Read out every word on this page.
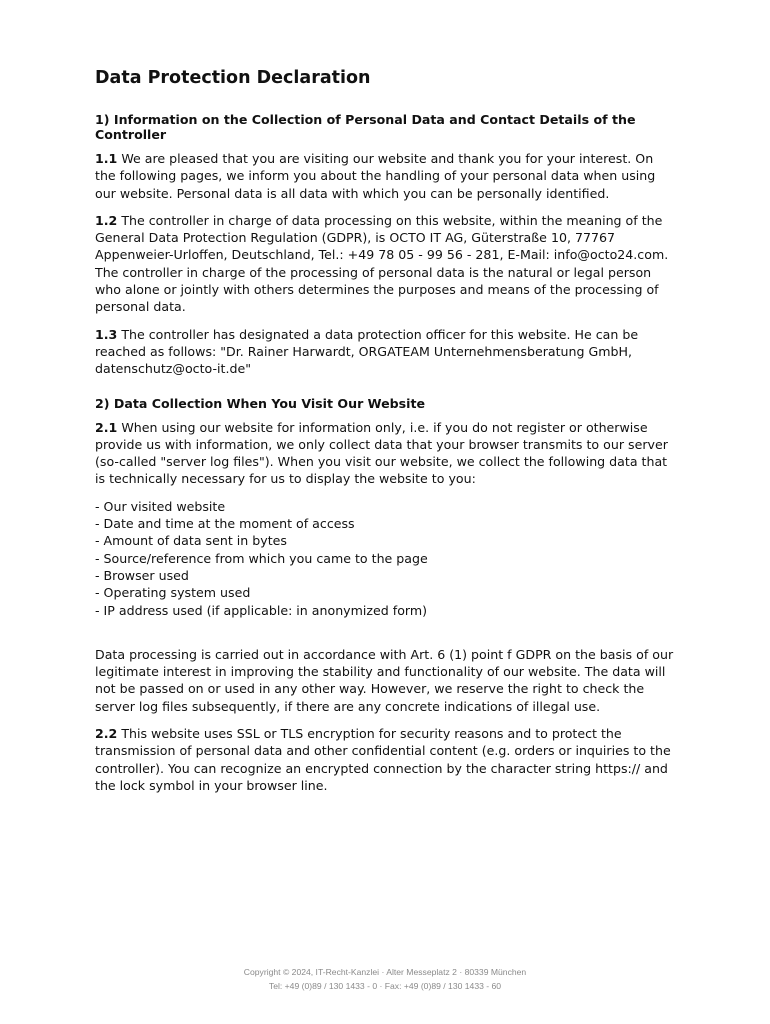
Data Protection Declaration
1) Information on the Collection of Personal Data and Contact Details of the Controller

1.1 We are pleased that you are visiting our website and thank you for your interest. On the following pages, we inform you about the handling of your personal data when using our website. Personal data is all data with which you can be personally identified.

1.2 The controller in charge of data processing on this website, within the meaning of the General Data Protection Regulation (GDPR), is OCTO IT AG, Güterstraße 10, 77767 Appenweier-Urloffen, Deutschland, Tel.: +49 78 05 - 99 56 - 281, E-Mail: info@octo24.com. The controller in charge of the processing of personal data is the natural or legal person who alone or jointly with others determines the purposes and means of the processing of personal data.

1.3 The controller has designated a data protection officer for this website. He can be reached as follows: "Dr. Rainer Harwardt, ORGATEAM Unternehmensberatung GmbH, datenschutz@octo-it.de"

2) Data Collection When You Visit Our Website

2.1 When using our website for information only, i.e. if you do not register or otherwise provide us with information, we only collect data that your browser transmits to our server (so-called "server log files"). When you visit our website, we collect the following data that is technically necessary for us to display the website to you:

- Our visited website
- Date and time at the moment of access
- Amount of data sent in bytes
- Source/reference from which you came to the page
- Browser used
- Operating system used
- IP address used (if applicable: in anonymized form)

Data processing is carried out in accordance with Art. 6 (1) point f GDPR on the basis of our legitimate interest in improving the stability and functionality of our website. The data will not be passed on or used in any other way. However, we reserve the right to check the server log files subsequently, if there are any concrete indications of illegal use.

2.2 This website uses SSL or TLS encryption for security reasons and to protect the transmission of personal data and other confidential content (e.g. orders or inquiries to the controller). You can recognize an encrypted connection by the character string https:// and the lock symbol in your browser line.

Copyright © 2024, IT-Recht-Kanzlei · Alter Messeplatz 2 · 80339 München
Tel: +49 (0)89 / 130 1433 - 0 · Fax: +49 (0)89 / 130 1433 - 60
